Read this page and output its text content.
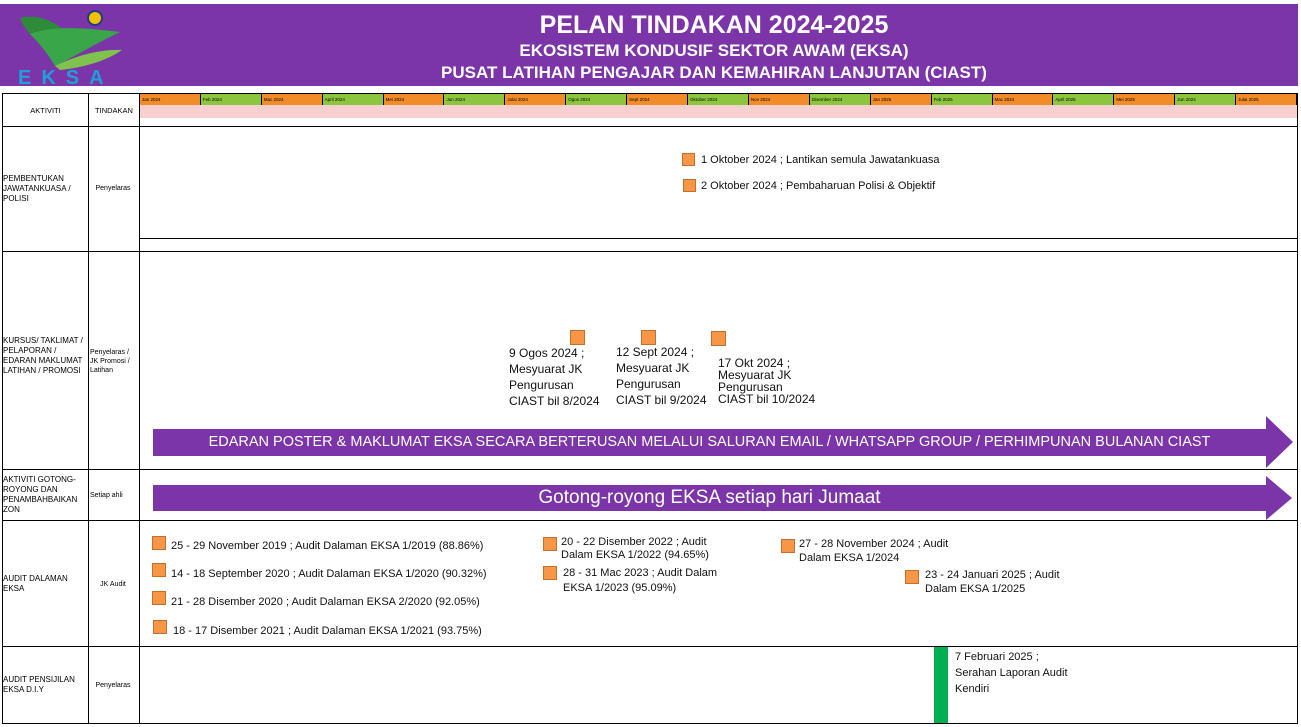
EKSA
PELAN TINDAKAN 2024-2025
EKOSISTEM KONDUSIF SEKTOR AWAM (EKSA)
PUSAT LATIHAN PENGAJAR DAN KEMAHIRAN LANJUTAN (CIAST)
AKTIVITI	TINDAKAN
Jan 2024	Feb 2024	Mac 2024	April 2024	Mei 2024	Jun 2024	Julai 2024	Ogos 2024	Sept 2024	Oktober 2024	Nov 2024	Disember 2024	Jan 2025	Feb 2025	Mac 2024	April 2025	Mei 2025	Jun 2024	Julai 2025
PEMBENTUKAN JAWATANKUASA / POLISI
Penyelaras
1 Oktober 2024 ; Lantikan semula Jawatankuasa
2 Oktober 2024 ; Pembaharuan Polisi & Objektif
KURSUS/ TAKLIMAT / PELAPORAN / EDARAN MAKLUMAT LATIHAN / PROMOSI
Penyelaras / JK Promosi / Latihan
9 Ogos 2024 ;
Mesyuarat JK
Pengurusan
CIAST bil 8/2024
12 Sept 2024 ;
Mesyuarat JK
Pengurusan
CIAST bil 9/2024
17 Okt 2024 ;
Mesyuarat JK
Pengurusan
CIAST bil 10/2024
EDARAN POSTER & MAKLUMAT EKSA SECARA BERTERUSAN MELALUI SALURAN EMAIL / WHATSAPP GROUP / PERHIMPUNAN BULANAN CIAST
AKTIVITI GOTONG-ROYONG DAN PENAMBAHBAIKAN ZON
Setiap ahli	Gotong-royong EKSA setiap hari Jumaat
AUDIT DALAMAN EKSA	JK Audit
25 - 29 November 2019 ; Audit Dalaman EKSA 1/2019 (88.86%)
14 - 18 September 2020 ; Audit Dalaman EKSA 1/2020 (90.32%)
21 - 28 Disember 2020 ; Audit Dalaman EKSA 2/2020 (92.05%)
18 - 17 Disember 2021 ; Audit Dalaman EKSA 1/2021 (93.75%)
20 - 22 Disember 2022 ; Audit
Dalam EKSA 1/2022 (94.65%)
28 - 31 Mac 2023 ; Audit Dalam
EKSA 1/2023 (95.09%)
27 - 28 November 2024 ; Audit
Dalam EKSA 1/2024
23 - 24 Januari 2025 ; Audit
Dalam EKSA 1/2025
AUDIT PENSIJILAN EKSA D.I.Y	Penyelaras
7 Februari 2025 ;
Serahan Laporan Audit
Kendiri
